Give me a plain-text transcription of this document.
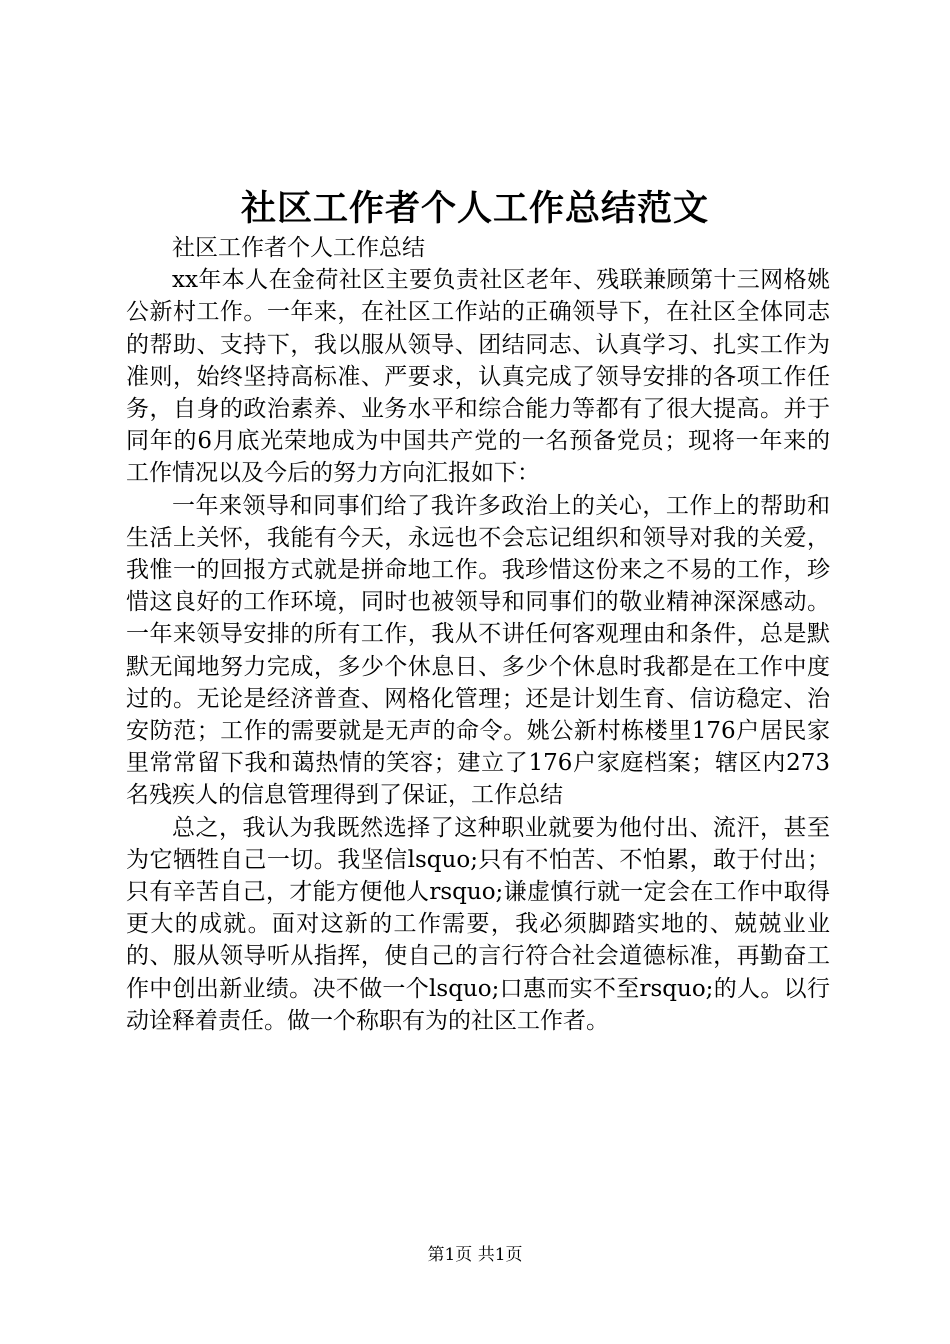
社区工作者个人工作总结范文

社区工作者个人工作总结

xx年本人在金荷社区主要负责社区老年、残联兼顾第十三网格姚公新村工作。一年来，在社区工作站的正确领导下，在社区全体同志的帮助、支持下，我以服从领导、团结同志、认真学习、扎实工作为准则，始终坚持高标准、严要求，认真完成了领导安排的各项工作任务，自身的政治素养、业务水平和综合能力等都有了很大提高。并于同年的6月底光荣地成为中国共产党的一名预备党员；现将一年来的工作情况以及今后的努力方向汇报如下：

一年来领导和同事们给了我许多政治上的关心，工作上的帮助和生活上关怀，我能有今天，永远也不会忘记组织和领导对我的关爱，我惟一的回报方式就是拼命地工作。我珍惜这份来之不易的工作，珍惜这良好的工作环境，同时也被领导和同事们的敬业精神深深感动。一年来领导安排的所有工作，我从不讲任何客观理由和条件，总是默默无闻地努力完成，多少个休息日、多少个休息时我都是在工作中度过的。无论是经济普查、网格化管理；还是计划生育、信访稳定、治安防范；工作的需要就是无声的命令。姚公新村栋楼里176户居民家里常常留下我和蔼热情的笑容；建立了176户家庭档案；辖区内273名残疾人的信息管理得到了保证，工作总结

总之，我认为我既然选择了这种职业就要为他付出、流汗，甚至为它牺牲自己一切。我坚信lsquo;只有不怕苦、不怕累，敢于付出；只有辛苦自己，才能方便他人rsquo;谦虚慎行就一定会在工作中取得更大的成就。面对这新的工作需要，我必须脚踏实地的、兢兢业业的、服从领导听从指挥，使自己的言行符合社会道德标准，再勤奋工作中创出新业绩。决不做一个lsquo;口惠而实不至rsquo;的人。以行动诠释着责任。做一个称职有为的社区工作者。

第1页 共1页
